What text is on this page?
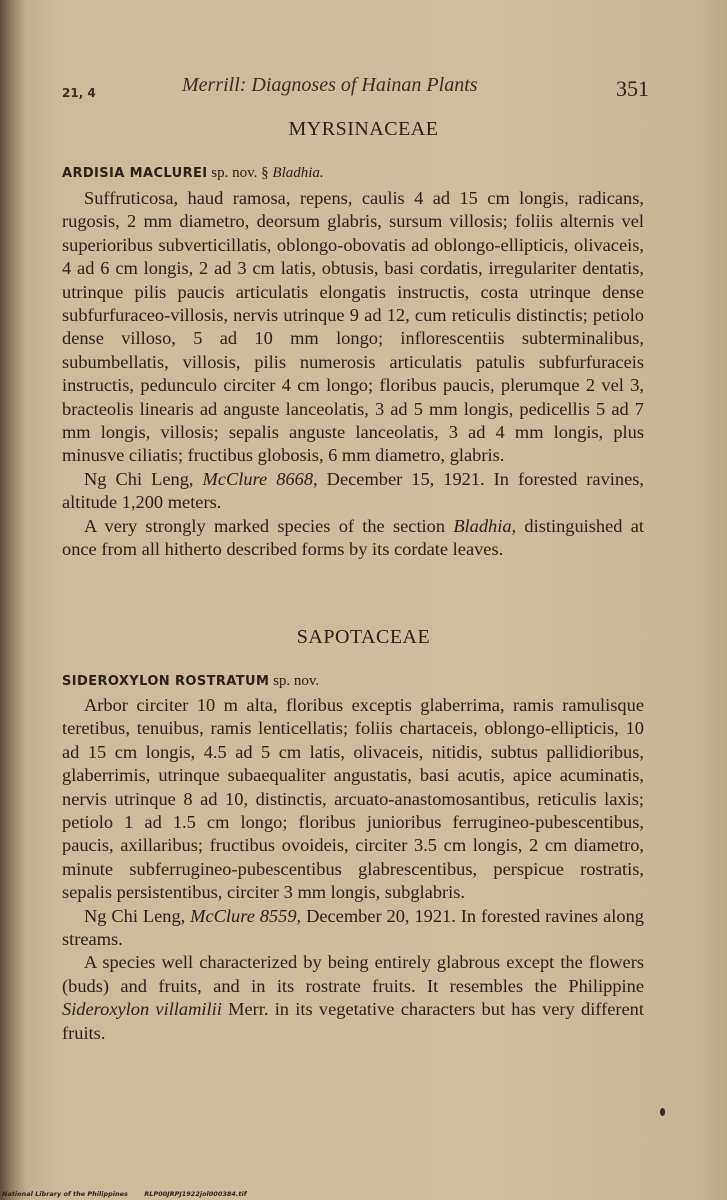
21, 4	Merrill: Diagnoses of Hainan Plants	351
MYRSINACEAE
ARDISIA MACLUREI sp. nov. § Bladhia.

Suffruticosa, haud ramosa, repens, caulis 4 ad 15 cm longis, radicans, rugosis, 2 mm diametro, deorsum glabris, sursum villosis; foliis alternis vel superioribus subverticillatis, oblongo-obovatis ad oblongo-ellipticis, olivaceis, 4 ad 6 cm longis, 2 ad 3 cm latis, obtusis, basi cordatis, irregulariter dentatis, utrinque pilis paucis articulatis elongatis instructis, costa utrinque dense subfurfuraceo-villosis, nervis utrinque 9 ad 12, cum reticulis distinctis; petiolo dense villoso, 5 ad 10 mm longo; inflorescentiis subterminalibus, subumbellatis, villosis, pilis numerosis articulatis patulis subfurfuraceis instructis, pedunculo circiter 4 cm longo; floribus paucis, plerumque 2 vel 3, bracteolis linearis ad anguste lanceolatis, 3 ad 5 mm longis, pedicellis 5 ad 7 mm longis, villosis; sepalis anguste lanceolatis, 3 ad 4 mm longis, plus minusve ciliatis; fructibus globosis, 6 mm diametro, glabris.

Ng Chi Leng, McClure 8668, December 15, 1921. In forested ravines, altitude 1,200 meters.

A very strongly marked species of the section Bladhia, distinguished at once from all hitherto described forms by its cordate leaves.

SAPOTACEAE
SIDEROXYLON ROSTRATUM sp. nov.

Arbor circiter 10 m alta, floribus exceptis glaberrima, ramis ramulisque teretibus, tenuibus, ramis lenticellatis; foliis chartaceis, oblongo-ellipticis, 10 ad 15 cm longis, 4.5 ad 5 cm latis, olivaceis, nitidis, subtus pallidioribus, glaberrimis, utrinque subaequaliter angustatis, basi acutis, apice acuminatis, nervis utrinque 8 ad 10, distinctis, arcuato-anastomosantibus, reticulis laxis; petiolo 1 ad 1.5 cm longo; floribus junioribus ferrugineo-pubescentibus, paucis, axillaribus; fructibus ovoideis, circiter 3.5 cm longis, 2 cm diametro, minute subferrugineo-pubescentibus glabrescentibus, perspicue rostratis, sepalis persistentibus, circiter 3 mm longis, subglabris.

Ng Chi Leng, McClure 8559, December 20, 1921. In forested ravines along streams.

A species well characterized by being entirely glabrous except the flowers (buds) and fruits, and in its rostrate fruits. It resembles the Philippine Sideroxylon villamilii Merr. in its vegetative characters but has very different fruits.

National Library of the Philippines	RLP00JRPJ1922jol000384.tif
